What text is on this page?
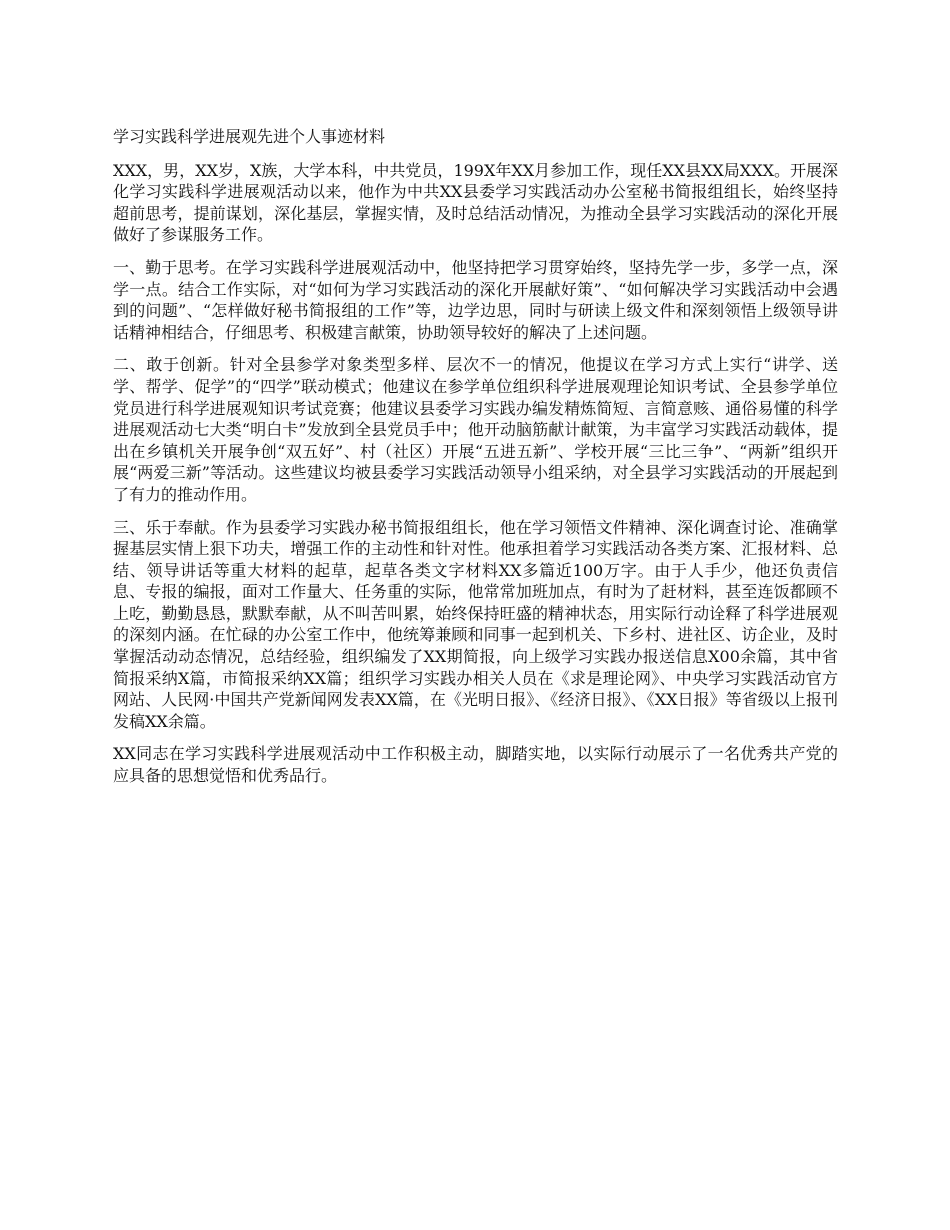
学习实践科学进展观先进个人事迹材料

XXX，男，XX岁，X族，大学本科，中共党员，199X年XX月参加工作，现任XX县XX局XXX。开展深化学习实践科学进展观活动以来，他作为中共XX县委学习实践活动办公室秘书简报组组长，始终坚持超前思考，提前谋划，深化基层，掌握实情，及时总结活动情况，为推动全县学习实践活动的深化开展做好了参谋服务工作。

一、勤于思考。在学习实践科学进展观活动中，他坚持把学习贯穿始终，坚持先学一步，多学一点，深学一点。结合工作实际，对“如何为学习实践活动的深化开展献好策”、“如何解决学习实践活动中会遇到的问题”、“怎样做好秘书简报组的工作”等，边学边思，同时与研读上级文件和深刻领悟上级领导讲话精神相结合，仔细思考、积极建言献策，协助领导较好的解决了上述问题。

二、敢于创新。针对全县参学对象类型多样、层次不一的情况，他提议在学习方式上实行“讲学、送学、帮学、促学”的“四学”联动模式；他建议在参学单位组织科学进展观理论知识考试、全县参学单位党员进行科学进展观知识考试竞赛；他建议县委学习实践办编发精炼简短、言简意赅、通俗易懂的科学进展观活动七大类“明白卡”发放到全县党员手中；他开动脑筋献计献策，为丰富学习实践活动载体，提出在乡镇机关开展争创“双五好”、村（社区）开展“五进五新”、学校开展“三比三争”、“两新”组织开展“两爱三新”等活动。这些建议均被县委学习实践活动领导小组采纳，对全县学习实践活动的开展起到了有力的推动作用。

三、乐于奉献。作为县委学习实践办秘书简报组组长，他在学习领悟文件精神、深化调查讨论、准确掌握基层实情上狠下功夫，增强工作的主动性和针对性。他承担着学习实践活动各类方案、汇报材料、总结、领导讲话等重大材料的起草，起草各类文字材料XX多篇近100万字。由于人手少，他还负责信息、专报的编报，面对工作量大、任务重的实际，他常常加班加点，有时为了赶材料，甚至连饭都顾不上吃，勤勤恳恳，默默奉献，从不叫苦叫累，始终保持旺盛的精神状态，用实际行动诠释了科学进展观的深刻内涵。在忙碌的办公室工作中，他统筹兼顾和同事一起到机关、下乡村、进社区、访企业，及时掌握活动动态情况，总结经验，组织编发了XX期简报，向上级学习实践办报送信息X00余篇，其中省简报采纳X篇，市简报采纳XX篇；组织学习实践办相关人员在《求是理论网》、中央学习实践活动官方网站、人民网·中国共产党新闻网发表XX篇，在《光明日报》、《经济日报》、《XX日报》等省级以上报刊发稿XX余篇。

XX同志在学习实践科学进展观活动中工作积极主动，脚踏实地，以实际行动展示了一名优秀共产党的应具备的思想觉悟和优秀品行。
